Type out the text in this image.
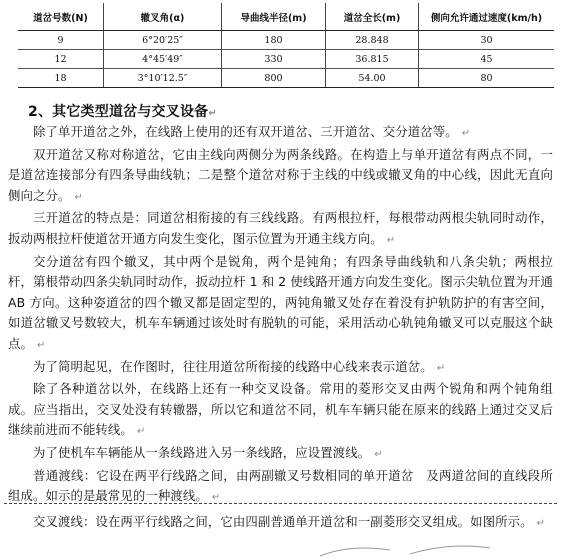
道岔号数(N)	辙叉角(α)	导曲线半径(m)	道岔全长(m)	侧向允许通过速度(km/h)
9	6°20′25″	180	28.848	30
12	4°45′49″	330	36.815	45
18	3°10′12.5″	800	54.00	80
2、其它类型道岔与交叉设备↵

除了单开道岔之外，在线路上使用的还有双开道岔、三开道岔、交分道岔等。 ↵

双开道岔又称对称道岔，它由主线向两侧分为两条线路。在构造上与单开道岔有两点不同，一是道岔连接部分有四条导曲线轨；二是整个道岔对称于主线的中线或辙叉角的中心线，因此无直向侧向之分。 ↵

三开道岔的特点是：同道岔相衔接的有三线线路。有两根拉杆，每根带动两根尖轨同时动作，扳动两根拉杆使道岔开通方向发生变化，图示位置为开通主线方向。 ↵

交分道岔有四个辙叉，其中两个是锐角，两个是钝角；有四条导曲线轨和八条尖轨；两根拉杆，第根带动四条尖轨同时动作，扳动拉杆 1 和 2 使线路开通方向发生变化。图示尖轨位置为开通 AB 方向。这种姿道岔的四个辙叉都是固定型的，两钝角辙叉处存在着没有护轨防护的有害空间，如道岔辙叉号数较大，机车车辆通过该处时有脱轨的可能，采用活动心轨钝角辙叉可以克服这个缺点。 ↵

为了简明起见，在作图时，往往用道岔所衔接的线路中心线来表示道岔。 ↵

除了各种道岔以外，在线路上还有一种交叉设备。常用的菱形交叉由两个锐角和两个钝角组成。应当指出，交叉处没有转辙器，所以它和道岔不同，机车车辆只能在原来的线路上通过交叉后继续前进而不能转线。 ↵

为了使机车车辆能从一条线路进入另一条线路，应设置渡线。 ↵

普通渡线：它设在两平行线路之间，由两副辙叉号数相同的单开道岔　及两道岔间的直线段所组成。如示的是最常见的一种渡线。 ↵

交叉渡线：设在两平行线路之间，它由四副普通单开道岔和一副菱形交叉组成。如图所示。 ↵
